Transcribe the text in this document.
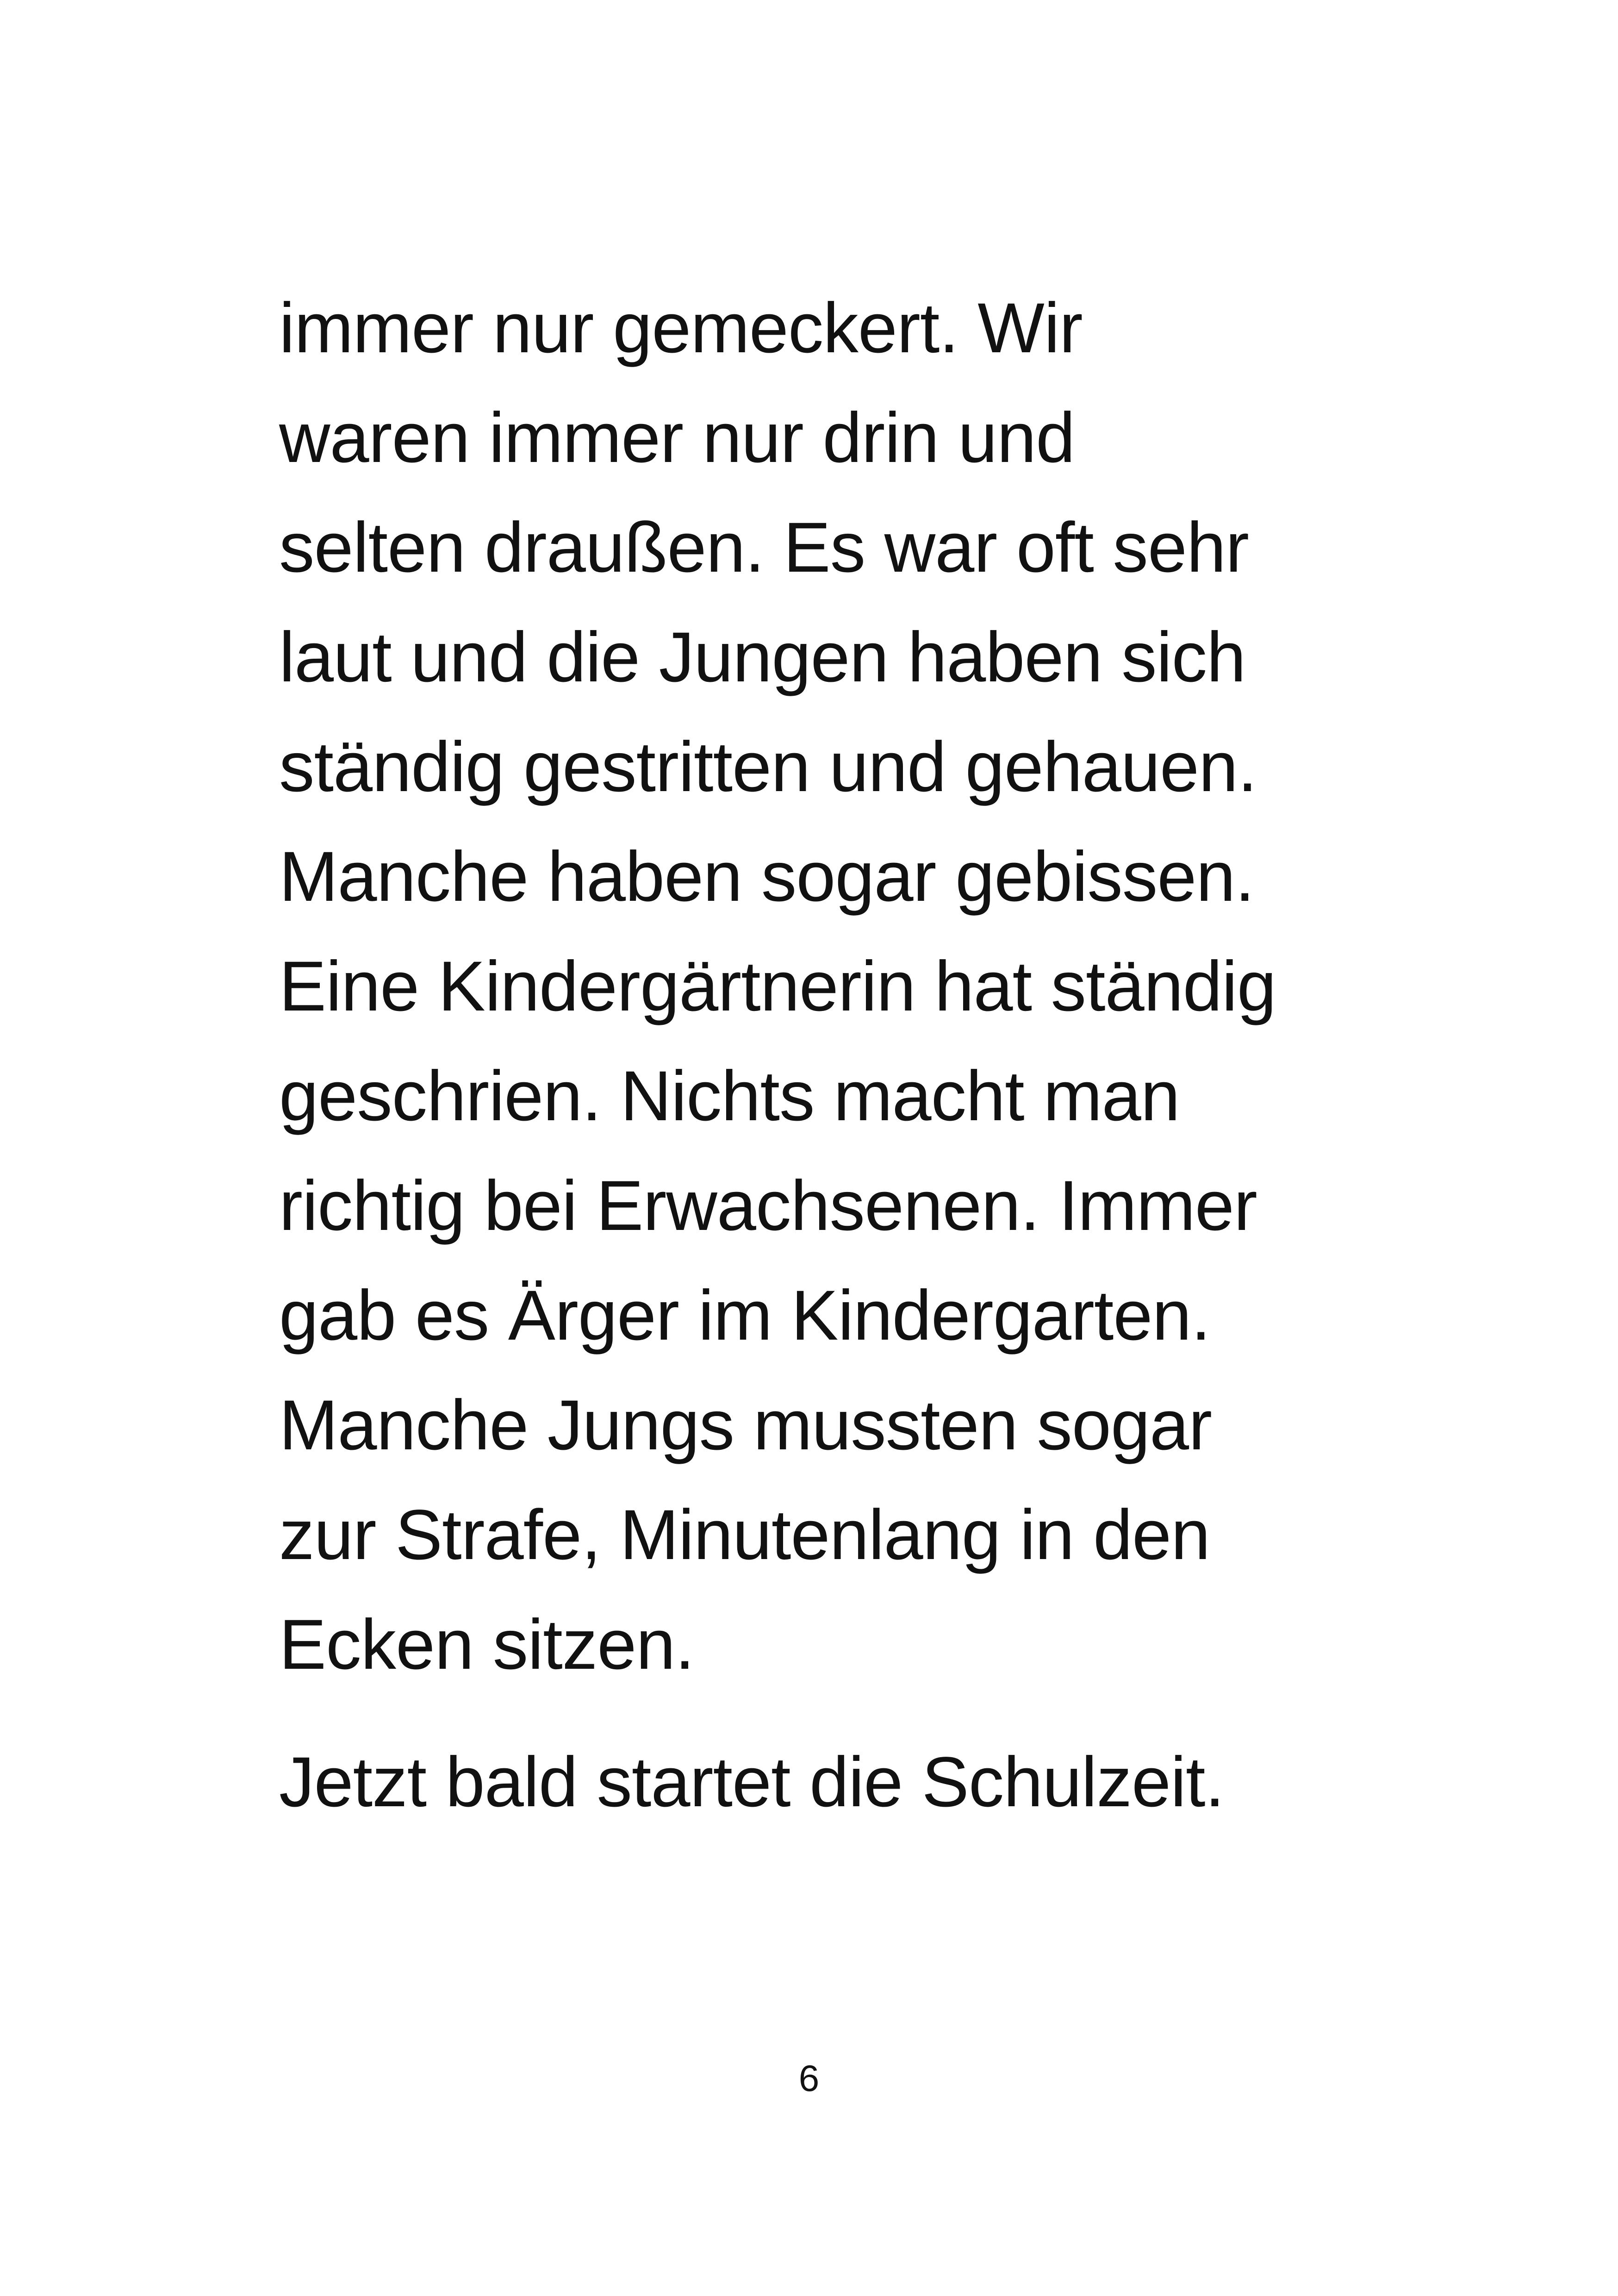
immer nur gemeckert. Wir
waren immer nur drin und
selten draußen. Es war oft sehr
laut und die Jungen haben sich
ständig gestritten und gehauen.
Manche haben sogar gebissen.
Eine Kindergärtnerin hat ständig
geschrien. Nichts macht man
richtig bei Erwachsenen. Immer
gab es Ärger im Kindergarten.
Manche Jungs mussten sogar
zur Strafe, Minutenlang in den
Ecken sitzen.

Jetzt bald startet die Schulzeit.

6
